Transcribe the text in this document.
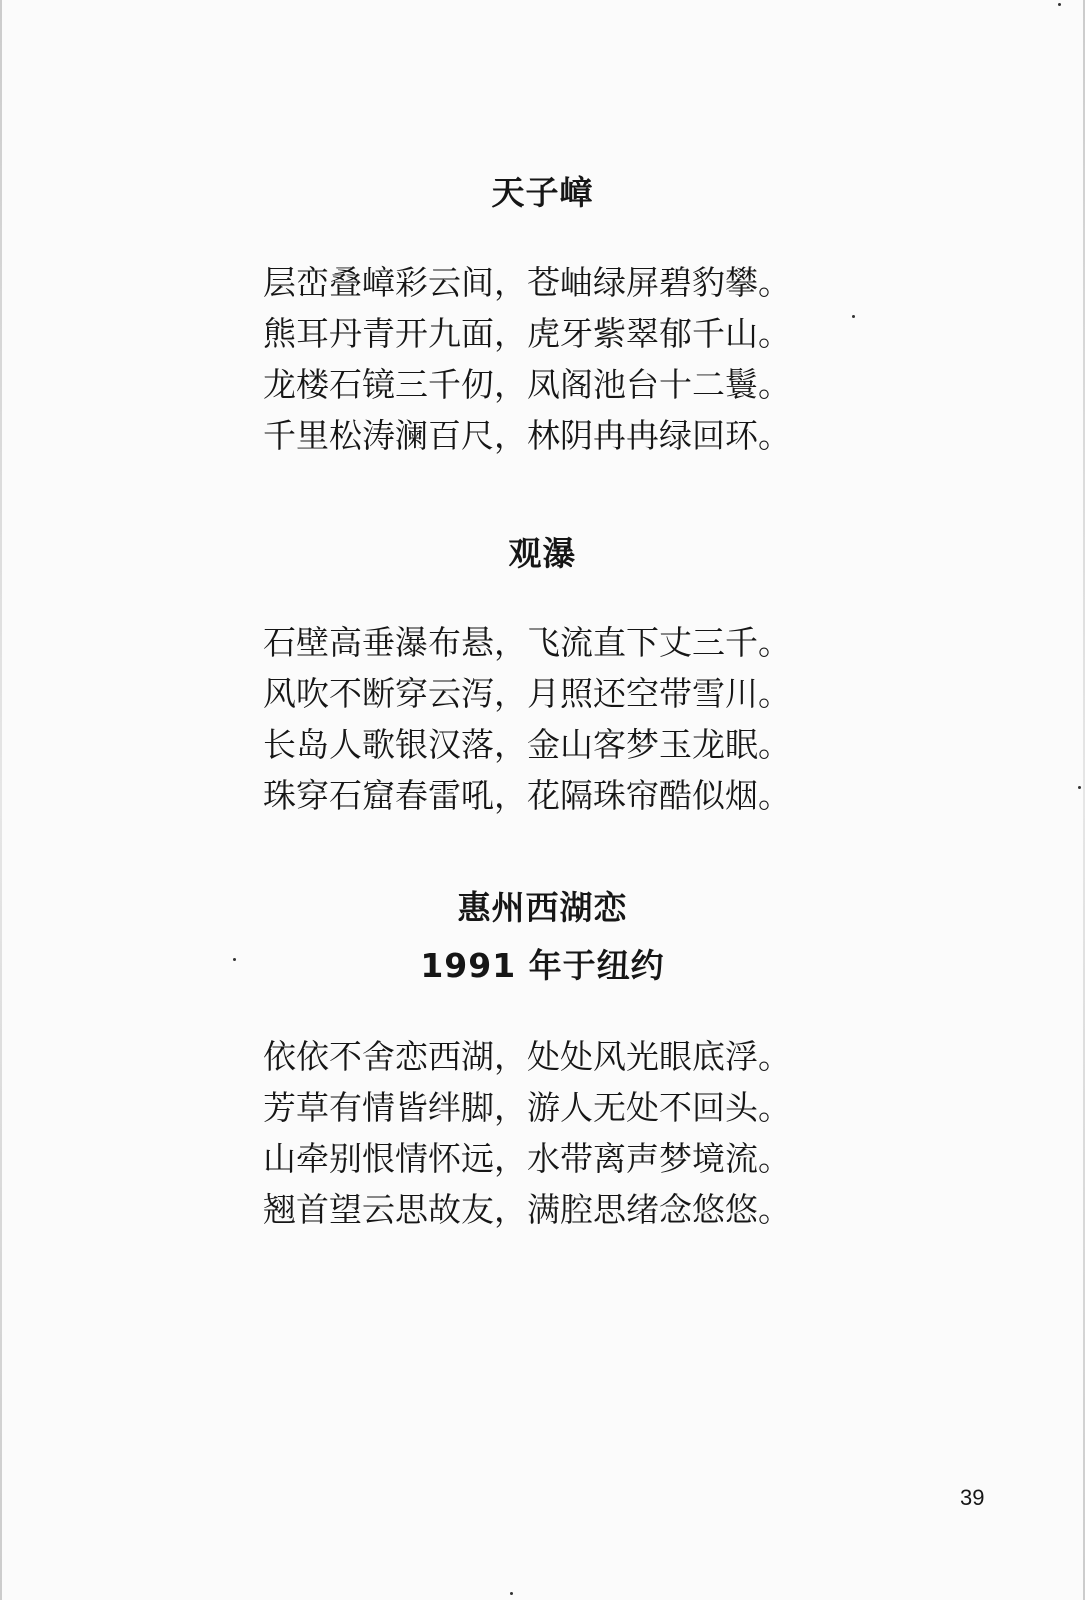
天子嶂
层峦叠嶂彩云间，苍岫绿屏碧豹攀。
熊耳丹青开九面，虎牙紫翠郁千山。
龙楼石镜三千仞，凤阁池台十二鬟。
千里松涛澜百尺，林阴冉冉绿回环。
观瀑
石壁高垂瀑布悬，飞流直下丈三千。
风吹不断穿云泻，月照还空带雪川。
长岛人歌银汉落，金山客梦玉龙眠。
珠穿石窟春雷吼，花隔珠帘酷似烟。
惠州西湖恋
1991 年于纽约
依依不舍恋西湖，处处风光眼底浮。
芳草有情皆绊脚，游人无处不回头。
山牵别恨情怀远，水带离声梦境流。
翘首望云思故友，满腔思绪念悠悠。
39
